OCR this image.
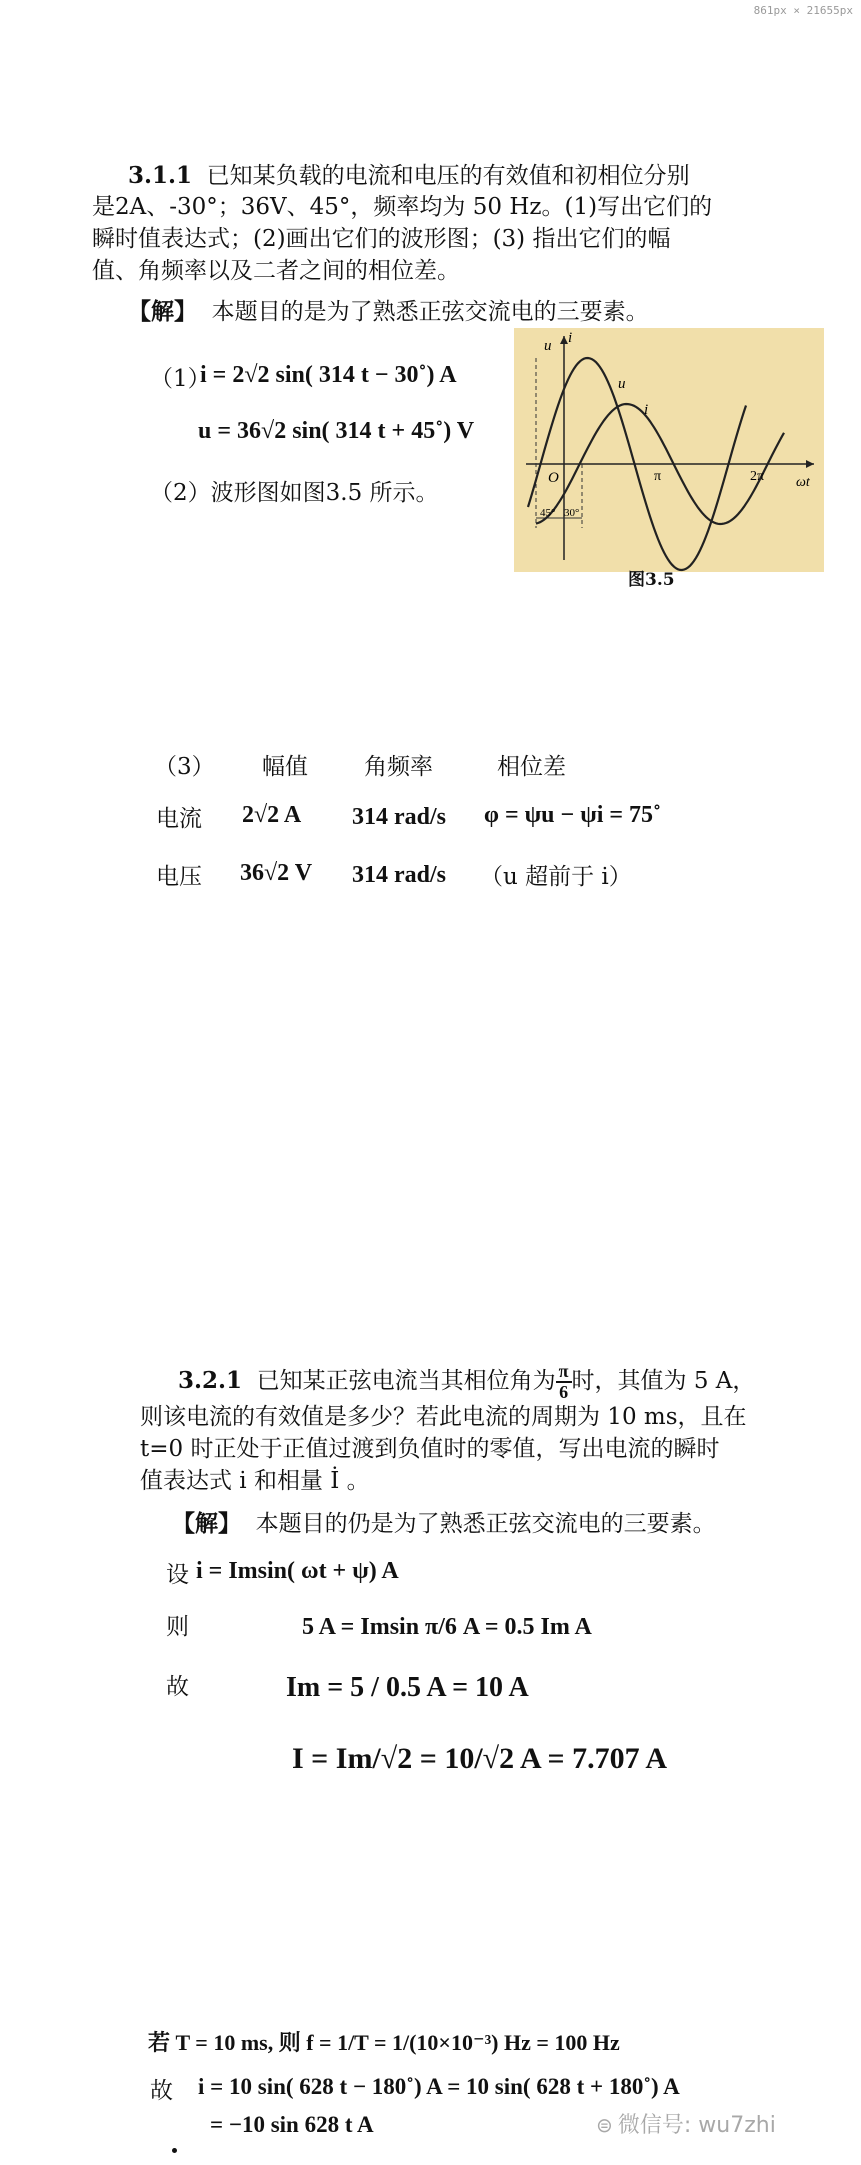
861px × 21655px
3.1.1 已知某负载的电流和电压的有效值和初相位分别
是2A、-30°；36V、45°，频率均为 50 Hz。(1)写出它们的
瞬时值表达式；(2)画出它们的波形图；(3) 指出它们的幅
值、角频率以及二者之间的相位差。
【解】 本题目的是为了熟悉正弦交流电的三要素。
（1）
i = 2√2 sin( 314 t − 30˚) A
u = 36√2 sin( 314 t + 45˚) V
（2）波形图如图3.5 所示。
u i
O	π	2π ωt
u
i
45° 30°
图3.5
（3） 幅值 角频率	相位差
电流 2√2 A 314 rad/s φ = ψu − ψi = 75˚
电压 36√2 V 314 rad/s （u 超前于 i）
3.2.1 已知某正弦电流当其相位角为 $\frac{\pi}{6}$ 时，其值为 5 A，
则该电流的有效值是多少？若此电流的周期为 10 ms，且在
t=0 时正处于正值过渡到负值时的零值，写出电流的瞬时
值表达式 i 和相量 İ 。
【解】 本题目的仍是为了熟悉正弦交流电的三要素。
设 i = Imsin( ωt + ψ) A
则	5 A = Imsin π/6 A = 0.5 Im A
故	Im = 5 / 0.5 A = 10 A
I = Im/√2 = 10/√2 A = 7.707 A
若 T = 10 ms, 则 f = 1/T = 1/(10×10⁻³) Hz = 100 Hz
故 i = 10 sin( 628 t − 180˚) A = 10 sin( 628 t + 180˚) A
= −10 sin 628 t A	⊜ 微信号: wu7zhi
